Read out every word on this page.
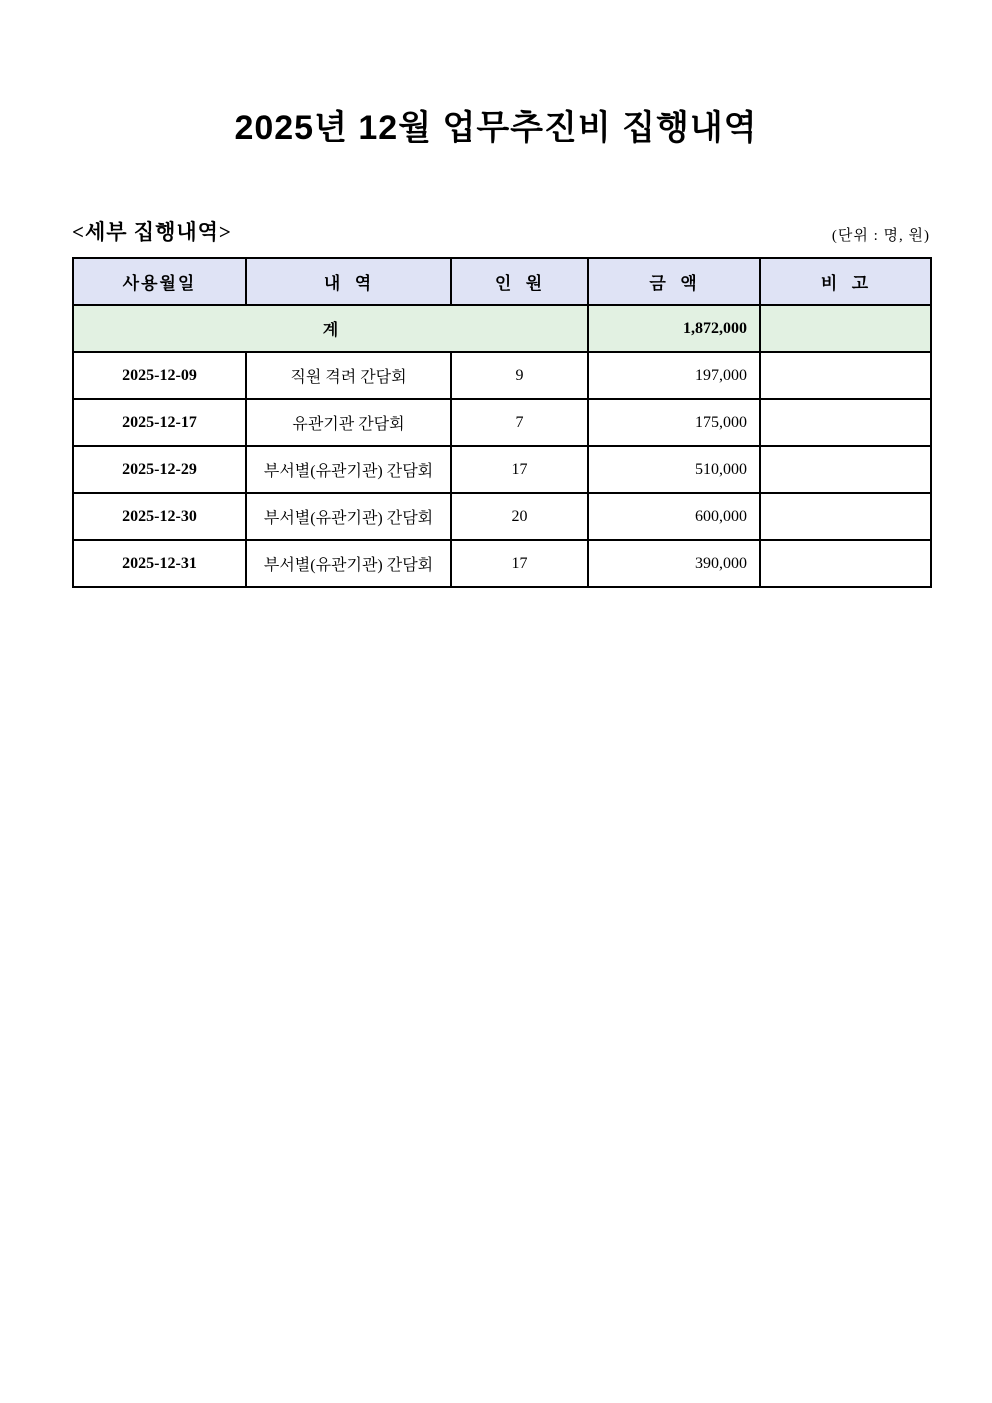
2025년 12월 업무추진비 집행내역
<세부 집행내역>	(단위 : 명, 원)
사용월일	내  역	인  원	금  액	비  고
계			1,872,000	
2025-12-09	직원 격려 간담회	9	197,000	
2025-12-17	유관기관 간담회	7	175,000	
2025-12-29	부서별(유관기관) 간담회	17	510,000	
2025-12-30	부서별(유관기관) 간담회	20	600,000	
2025-12-31	부서별(유관기관) 간담회	17	390,000	
